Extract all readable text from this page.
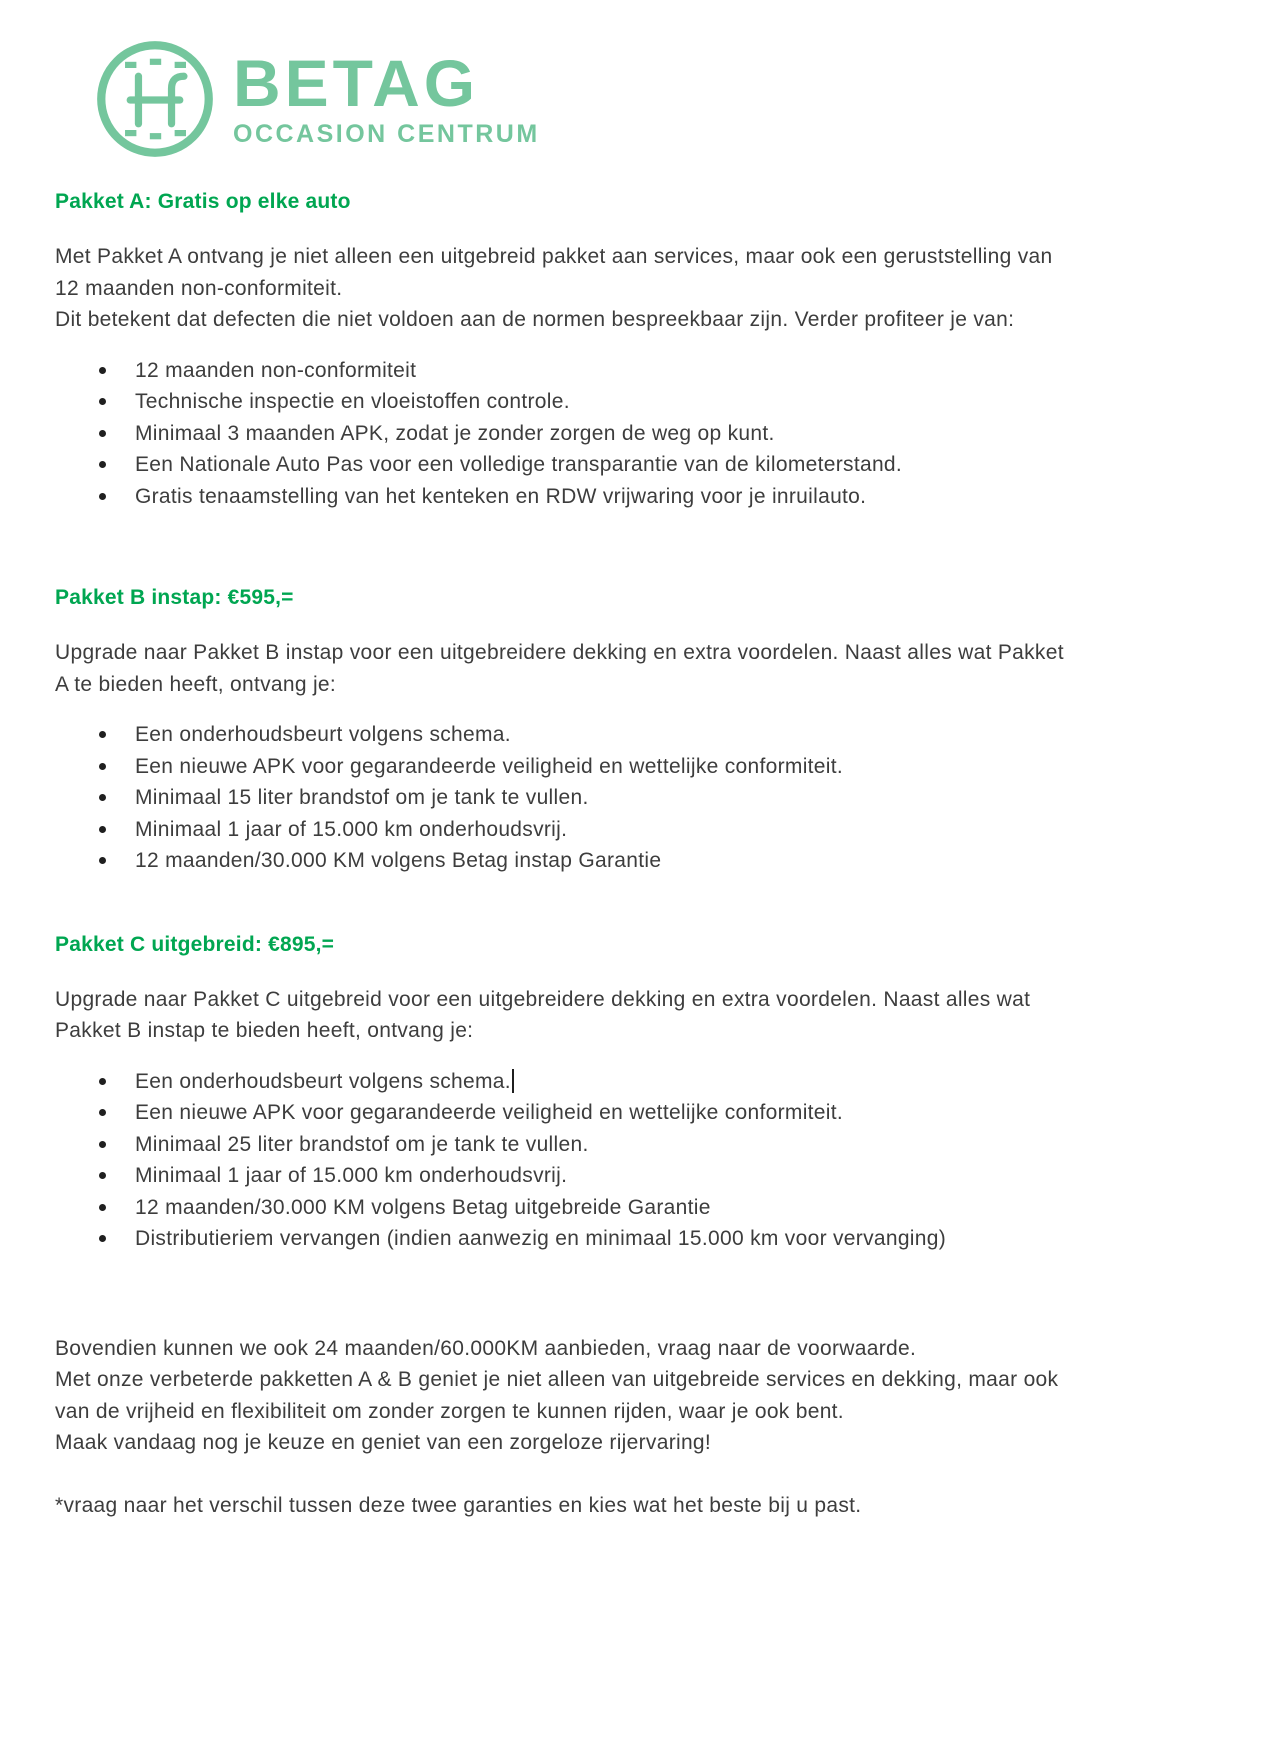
BETAG
OCCASION CENTRUM
Pakket A: Gratis op elke auto

Met Pakket A ontvang je niet alleen een uitgebreid pakket aan services, maar ook een geruststelling van 12 maanden non-conformiteit.
Dit betekent dat defecten die niet voldoen aan de normen bespreekbaar zijn. Verder profiteer je van:

12 maanden non-conformiteit
Technische inspectie en vloeistoffen controle.
Minimaal 3 maanden APK, zodat je zonder zorgen de weg op kunt.
Een Nationale Auto Pas voor een volledige transparantie van de kilometerstand.
Gratis tenaamstelling van het kenteken en RDW vrijwaring voor je inruilauto.
Pakket B instap: €595,=

Upgrade naar Pakket B instap voor een uitgebreidere dekking en extra voordelen. Naast alles wat Pakket A te bieden heeft, ontvang je:

Een onderhoudsbeurt volgens schema.
Een nieuwe APK voor gegarandeerde veiligheid en wettelijke conformiteit.
Minimaal 15 liter brandstof om je tank te vullen.
Minimaal 1 jaar of 15.000 km onderhoudsvrij.
12 maanden/30.000 KM volgens Betag instap Garantie
Pakket C uitgebreid: €895,=

Upgrade naar Pakket C uitgebreid voor een uitgebreidere dekking en extra voordelen. Naast alles wat Pakket B instap te bieden heeft, ontvang je:

Een onderhoudsbeurt volgens schema.
Een nieuwe APK voor gegarandeerde veiligheid en wettelijke conformiteit.
Minimaal 25 liter brandstof om je tank te vullen.
Minimaal 1 jaar of 15.000 km onderhoudsvrij.
12 maanden/30.000 KM volgens Betag uitgebreide Garantie
Distributieriem vervangen (indien aanwezig en minimaal 15.000 km voor vervanging)

Bovendien kunnen we ook 24 maanden/60.000KM aanbieden, vraag naar de voorwaarde.
Met onze verbeterde pakketten A & B geniet je niet alleen van uitgebreide services en dekking, maar ook van de vrijheid en flexibiliteit om zonder zorgen te kunnen rijden, waar je ook bent.
Maak vandaag nog je keuze en geniet van een zorgeloze rijervaring!

*vraag naar het verschil tussen deze twee garanties en kies wat het beste bij u past.
